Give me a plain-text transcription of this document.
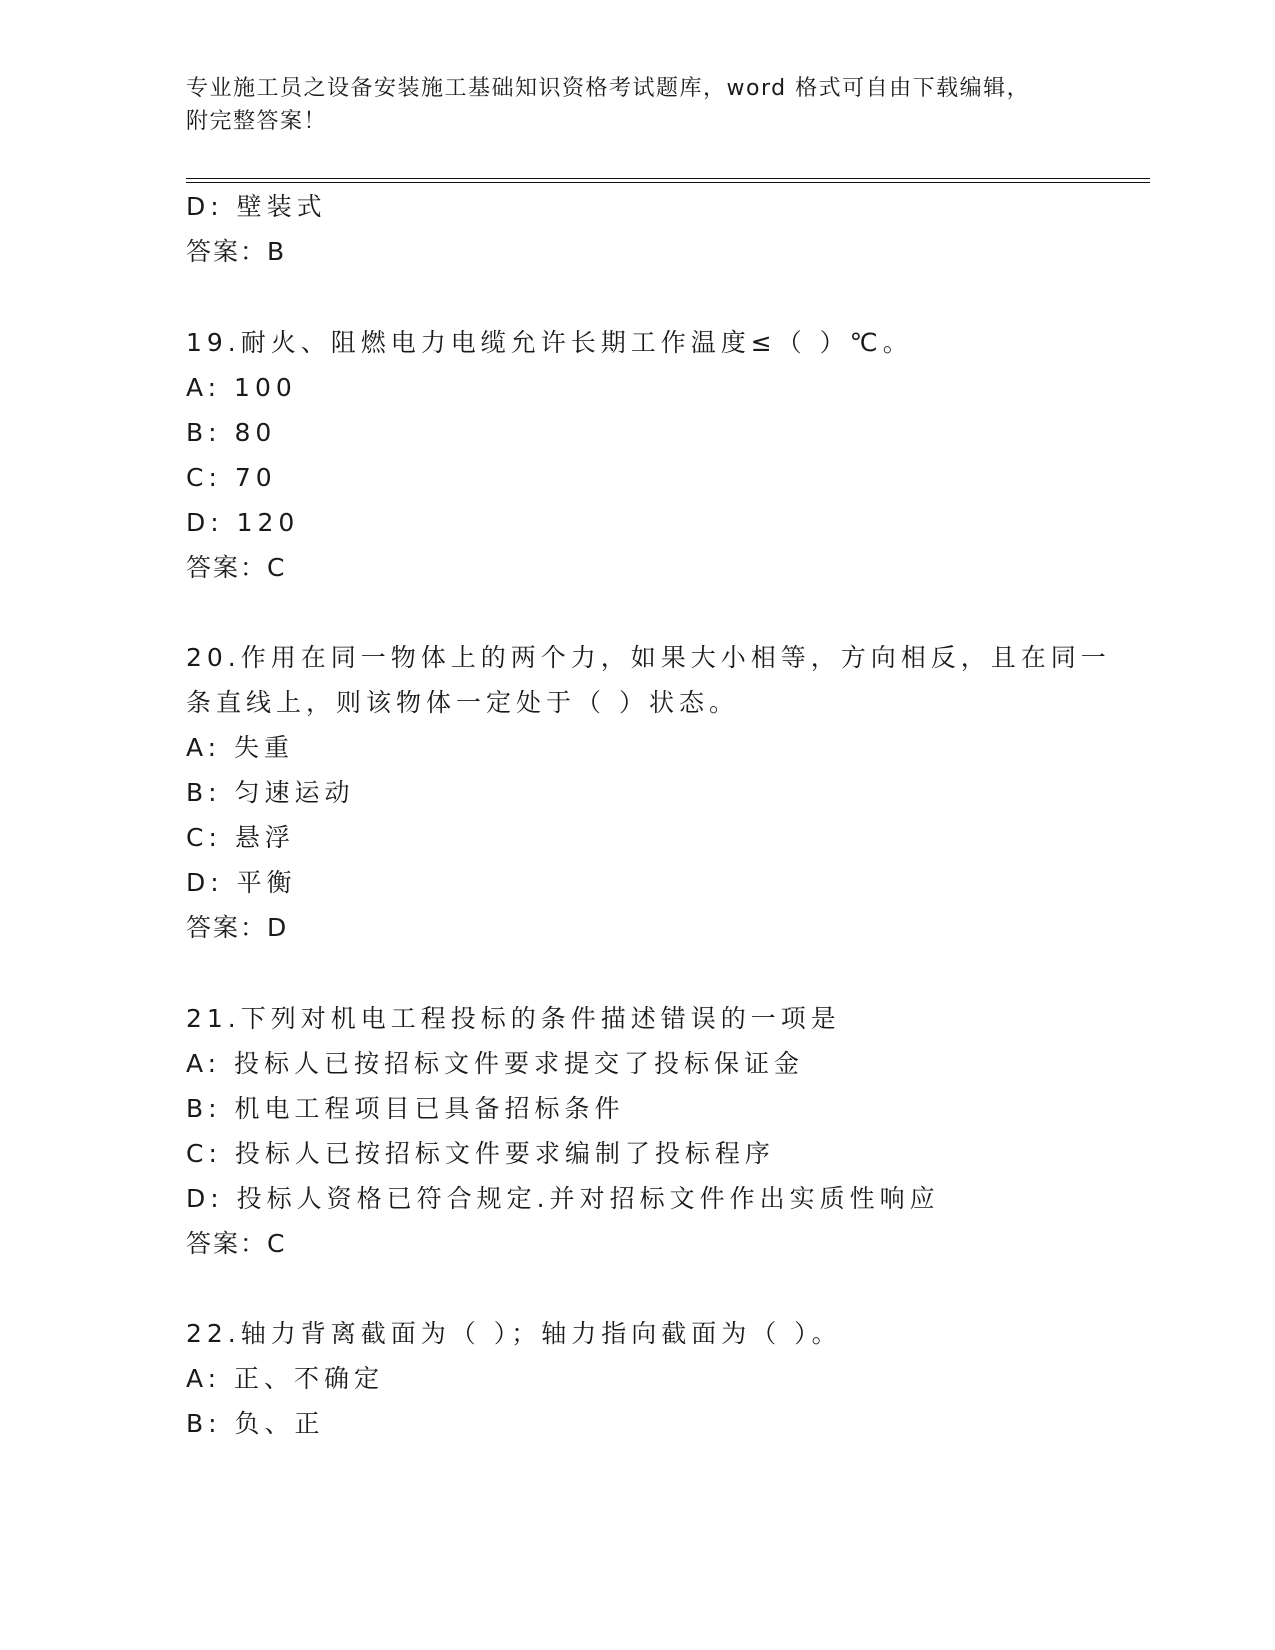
专业施工员之设备安装施工基础知识资格考试题库，word 格式可自由下载编辑，
附完整答案！
D: 壁装式
答案：B
19.耐火、阻燃电力电缆允许长期工作温度≤（ ）℃。
A: 100
B: 80
C: 70
D: 120
答案：C
20.作用在同一物体上的两个力，如果大小相等，方向相反，且在同一
条直线上，则该物体一定处于（ ）状态。
A: 失重
B: 匀速运动
C: 悬浮
D: 平衡
答案：D
21.下列对机电工程投标的条件描述错误的一项是
A: 投标人已按招标文件要求提交了投标保证金
B: 机电工程项目已具备招标条件
C: 投标人已按招标文件要求编制了投标程序
D: 投标人资格已符合规定.并对招标文件作出实质性响应
答案：C
22.轴力背离截面为（ ）；轴力指向截面为（ ）。
A: 正、不确定
B: 负、正
